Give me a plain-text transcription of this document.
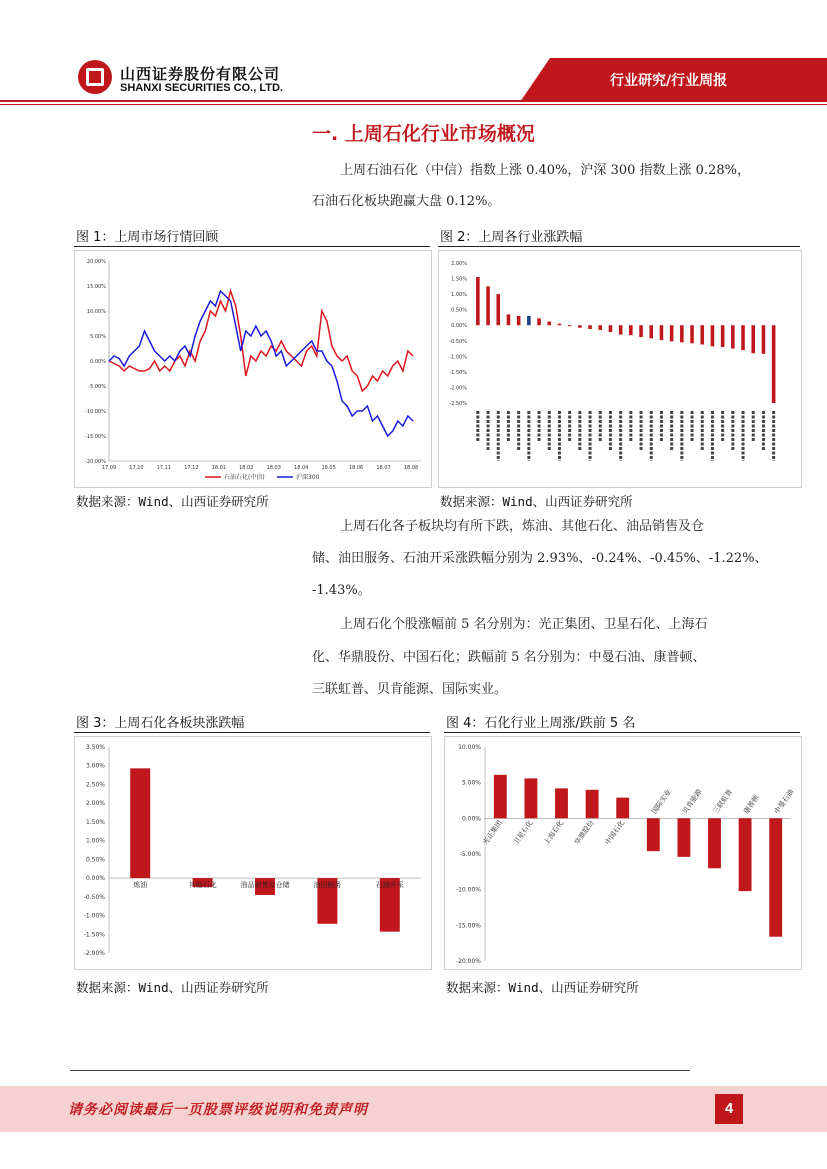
山西证券股份有限公司
SHANXI SECURITIES CO., LTD.	行业研究/行业周报
一. 上周石化行业市场概况
上周石油石化（中信）指数上涨 0.40%，沪深 300 指数上涨 0.28%，
石油石化板块跑赢大盘 0.12%。
图 1：上周市场行情回顾	图 2：上周各行业涨跌幅
20.00%
15.00%
10.00%
5.00%
0.00%
-5.00%
-10.00%
-15.00%
-20.00%
17.09	17.10	17.11	17.12	18.01	18.02	18.03	18.04	18.05	18.06	18.07	18.08
石油石化(中信)	沪深300
2.00%
1.50%
1.00%
0.50%
0.00%
-0.50%
-1.00%
-1.50%
-2.00%
-2.50%
数据来源：Wind、山西证券研究所	数据来源：Wind、山西证券研究所
上周石化各子板块均有所下跌，炼油、其他石化、油品销售及仓
储、油田服务、石油开采涨跌幅分别为 2.93%、-0.24%、-0.45%、-1.22%、
-1.43%。
上周石化个股涨幅前 5 名分别为：光正集团、卫星石化、上海石
化、华鼎股份、中国石化；跌幅前 5 名分别为：中曼石油、康普顿、
三联虹普、贝肯能源、国际实业。
图 3：上周石化各板块涨跌幅	图 4：石化行业上周涨/跌前 5 名
3.50%
3.00%
2.50%
2.00%
1.50%
1.00%
0.50%
0.00%
-0.50%
-1.00%
-1.50%
-2.00%
炼油	其他石化	油品销售及仓储	油田服务	石油开采
10.00%
5.00%
0.00%
-5.00%
-10.00%
-15.00%
-20.00%
光正集团 卫星石化 上海石化 华鼎股份 中国石化
国际实业 贝肯能源 三联虹普 康普顿 中曼石油
数据来源：Wind、山西证券研究所	数据来源：Wind、山西证券研究所
请务必阅读最后一页股票评级说明和免责声明	4
